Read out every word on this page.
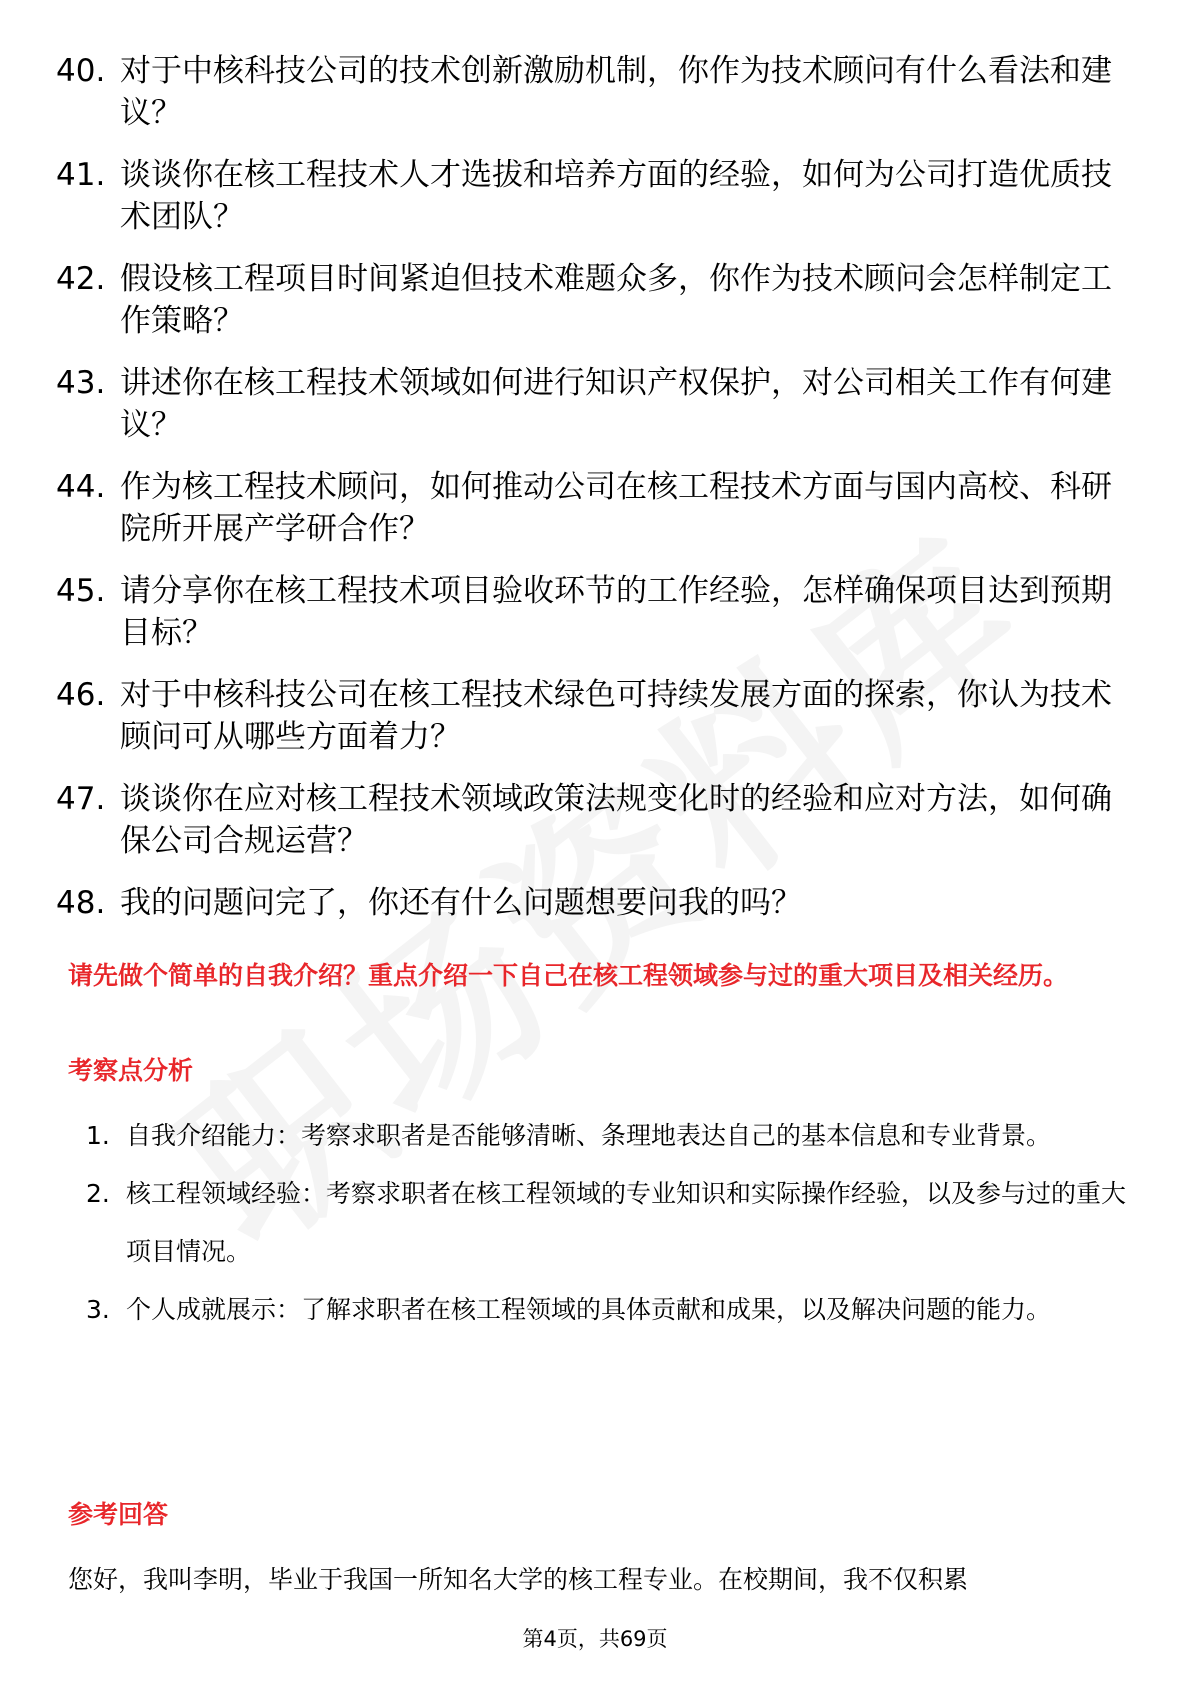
40. 对于中核科技公司的技术创新激励机制，你作为技术顾问有什么看法和建议？
41. 谈谈你在核工程技术人才选拔和培养方面的经验，如何为公司打造优质技术团队？
42. 假设核工程项目时间紧迫但技术难题众多，你作为技术顾问会怎样制定工作策略？
43. 讲述你在核工程技术领域如何进行知识产权保护，对公司相关工作有何建议？
44. 作为核工程技术顾问，如何推动公司在核工程技术方面与国内高校、科研院所开展产学研合作？
45. 请分享你在核工程技术项目验收环节的工作经验，怎样确保项目达到预期目标？
46. 对于中核科技公司在核工程技术绿色可持续发展方面的探索，你认为技术顾问可从哪些方面着力？
47. 谈谈你在应对核工程技术领域政策法规变化时的经验和应对方法，如何确保公司合规运营？
48. 我的问题问完了，你还有什么问题想要问我的吗？

请先做个简单的自我介绍？重点介绍一下自己在核工程领域参与过的重大项目及相关经历。

考察点分析

1. 自我介绍能力：考察求职者是否能够清晰、条理地表达自己的基本信息和专业背景。
2. 核工程领域经验：考察求职者在核工程领域的专业知识和实际操作经验，以及参与过的重大项目情况。
3. 个人成就展示：了解求职者在核工程领域的具体贡献和成果，以及解决问题的能力。

参考回答

您好，我叫李明，毕业于我国一所知名大学的核工程专业。在校期间，我不仅积累

第4页，共69页
